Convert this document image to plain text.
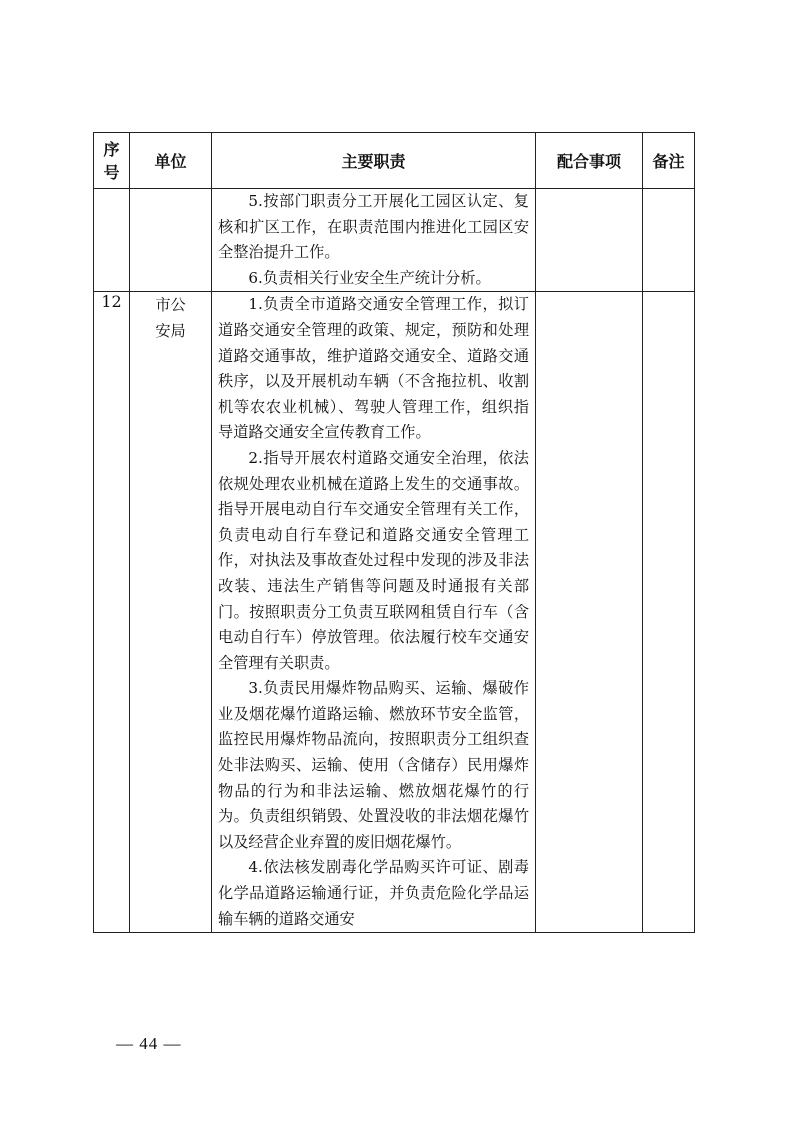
序
号	单位	主要职责	配合事项	备注

		5.按部门职责分工开展化工园区认定、复核和扩区工作，在职责范围内推进化工园区安全整治提升工作。

6.负责相关行业安全生产统计分析。		

12	市公安局	1.负责全市道路交通安全管理工作，拟订道路交通安全管理的政策、规定，预防和处理道路交通事故，维护道路交通安全、道路交通秩序，以及开展机动车辆（不含拖拉机、收割机等农农业机械）、驾驶人管理工作，组织指导道路交通安全宣传教育工作。

2.指导开展农村道路交通安全治理，依法依规处理农业机械在道路上发生的交通事故。指导开展电动自行车交通安全管理有关工作，负责电动自行车登记和道路交通安全管理工作，对执法及事故查处过程中发现的涉及非法改装、违法生产销售等问题及时通报有关部门。按照职责分工负责互联网租赁自行车（含电动自行车）停放管理。依法履行校车交通安全管理有关职责。

3.负责民用爆炸物品购买、运输、爆破作业及烟花爆竹道路运输、燃放环节安全监管，监控民用爆炸物品流向，按照职责分工组织查处非法购买、运输、使用（含储存）民用爆炸物品的行为和非法运输、燃放烟花爆竹的行为。负责组织销毁、处置没收的非法烟花爆竹以及经营企业弃置的废旧烟花爆竹。

4.依法核发剧毒化学品购买许可证、剧毒化学品道路运输通行证，并负责危险化学品运输车辆的道路交通安		

— 44 —
